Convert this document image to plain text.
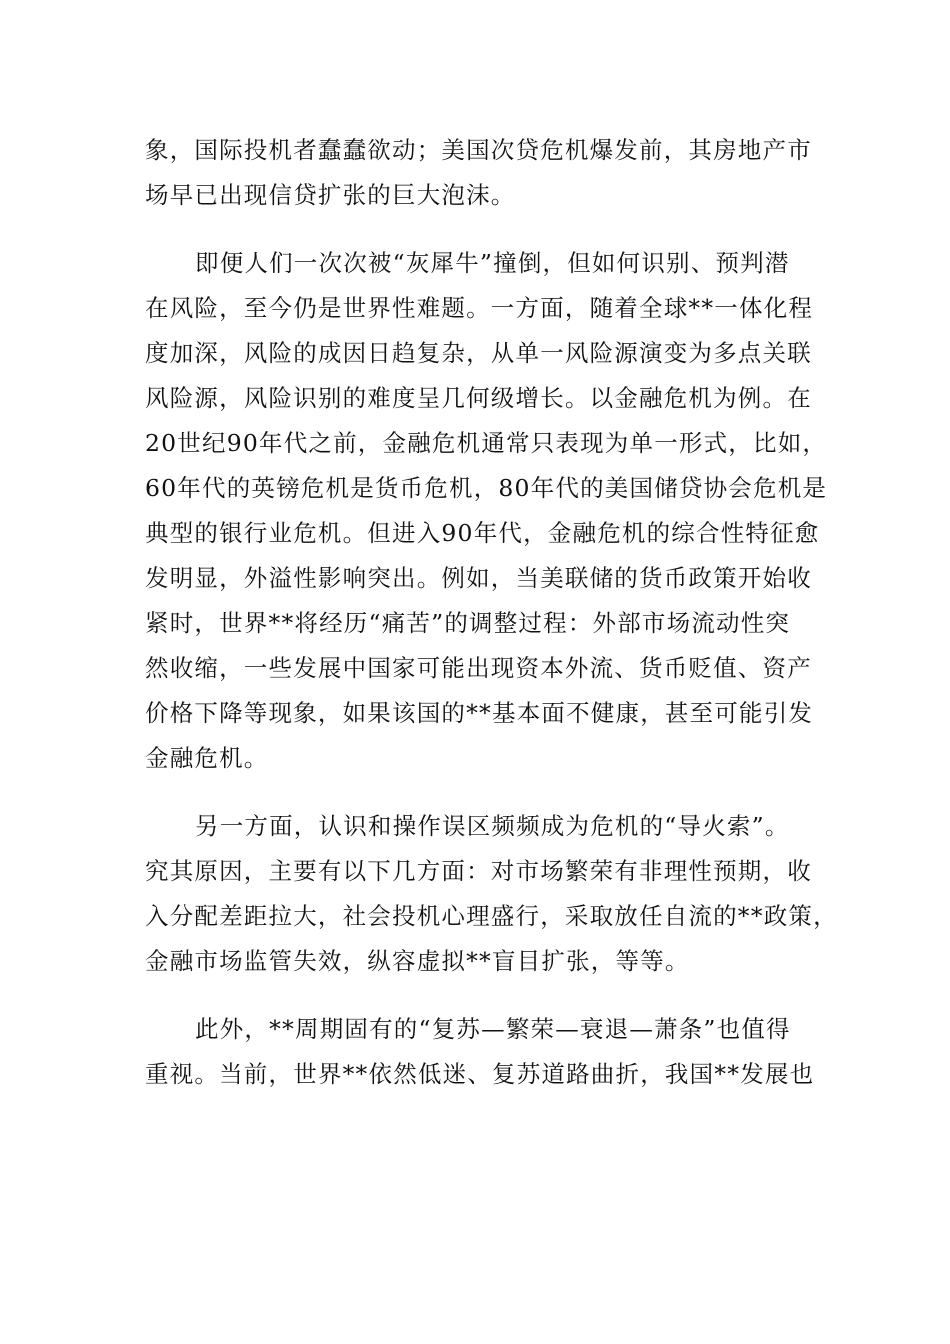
象，国际投机者蠢蠢欲动；美国次贷危机爆发前，其房地产市
场早已出现信贷扩张的巨大泡沫。
即便人们一次次被“灰犀牛”撞倒，但如何识别、预判潜
在风险，至今仍是世界性难题。一方面，随着全球**一体化程
度加深，风险的成因日趋复杂，从单一风险源演变为多点关联
风险源，风险识别的难度呈几何级增长。以金融危机为例。在
20世纪90年代之前，金融危机通常只表现为单一形式，比如，
60年代的英镑危机是货币危机，80年代的美国储贷协会危机是
典型的银行业危机。但进入90年代，金融危机的综合性特征愈
发明显，外溢性影响突出。例如，当美联储的货币政策开始收
紧时，世界**将经历“痛苦”的调整过程：外部市场流动性突
然收缩，一些发展中国家可能出现资本外流、货币贬值、资产
价格下降等现象，如果该国的**基本面不健康，甚至可能引发
金融危机。
另一方面，认识和操作误区频频成为危机的“导火索”。
究其原因，主要有以下几方面：对市场繁荣有非理性预期，收
入分配差距拉大，社会投机心理盛行，采取放任自流的**政策，
金融市场监管失效，纵容虚拟**盲目扩张，等等。
此外，**周期固有的“复苏—繁荣—衰退—萧条”也值得
重视。当前，世界**依然低迷、复苏道路曲折，我国**发展也
